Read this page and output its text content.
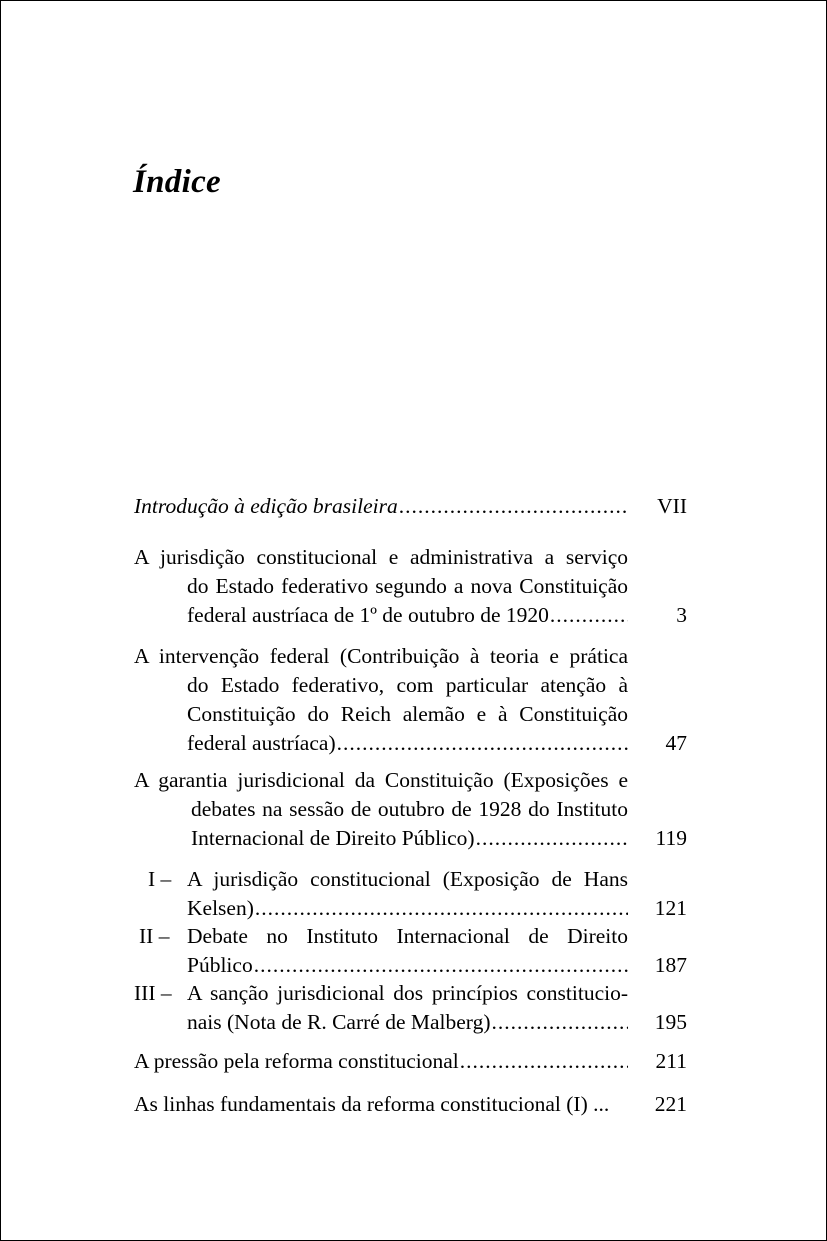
Índice
Introdução à edição brasileira .....	VII
A jurisdição constitucional e administrativa a serviço
do Estado federativo segundo a nova Constituição
federal austríaca de 1º de outubro de 1920 .....	3
A intervenção federal (Contribuição à teoria e prática
do Estado federativo, com particular atenção à
Constituição do Reich alemão e à Constituição
federal austríaca) .....	47
A garantia jurisdicional da Constituição (Exposições e
debates na sessão de outubro de 1928 do Instituto
Internacional de Direito Público) .....	119
I – A jurisdição constitucional (Exposição de Hans
Kelsen) .....	121
II – Debate no Instituto Internacional de Direito
Público .....	187
III – A sanção jurisdicional dos princípios constitucio-
nais (Nota de R. Carré de Malberg) .....	195
A pressão pela reforma constitucional .....	211
As linhas fundamentais da reforma constitucional (I) ...	221
